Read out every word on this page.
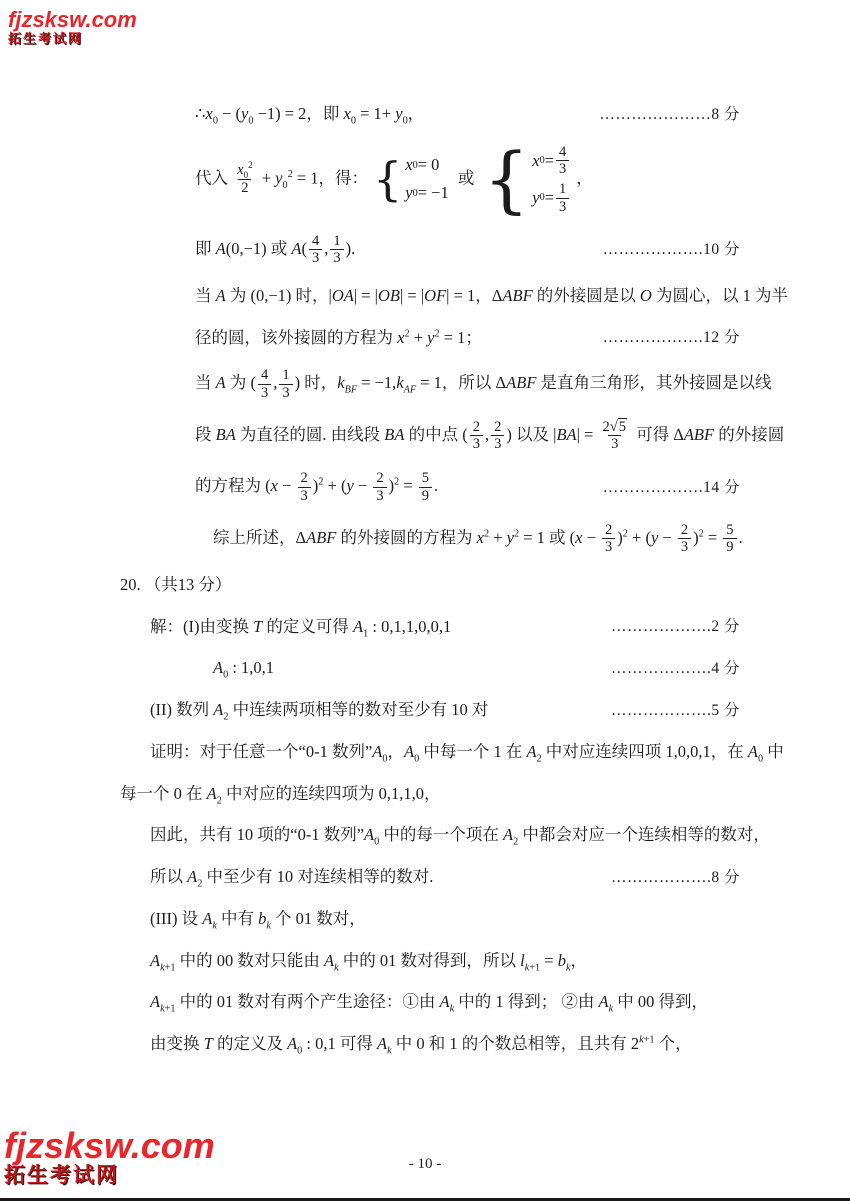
fjzsksw.com
拓生考试网
$\therefore x_0 - (y_0 -1) = 2$，即 $x_0 = 1+ y_0$，	…………………8 分
代入 $\frac{x_0^2}{2} + y_0^2 = 1$，得： { x 0 = 0
y 0 = −1
或 { x $0 = \frac{4}{3}$
y $0 = \frac{1}{3}$
，
即 A(0,−1) 或 $A( \frac{4}{3}$ , $\frac{1}{3}$ ).	……………….10 分
当 A 为 (0,−1) 时，|OA| = |OB| = |OF| = 1，ΔABF 的外接圆是以 O 为圆心，以 1 为半
径的圆，该外接圆的方程为 $x^2 + y^2 = 1$；	……………….12 分
当 A 为 ( $\frac{4}{3}$ , $\frac{1}{3}$ ) 时，$k_{BF} = -1,k_{AF} = 1$，所以 ΔABF 是直角三角形，其外接圆是以线
段 BA 为直径的圆. 由线段 BA 的中点 ( $\frac{2}{3}$ , $\frac{2}{3}$ ) 以及 $|BA| = \frac{2√5}{3}$ 可得 ΔABF 的外接圆
的方程为 $(x - \frac{2}{3} )^2 + (y - \frac{2}{3} )^2 = \frac{5}{9}$ .	……………….14 分
综上所述，ΔABF 的外接圆的方程为 $x^2 + y^2 = 1$ 或 $(x - \frac{2}{3} )^2 + (y - \frac{2}{3} )^2 = \frac{5}{9}$ .
20. （共13 分）
解：(I)由变换 T 的定义可得 $A_1$ : 0,1,1,0,0,1	……………….2 分
$A_0$ : 1,0,1	……………….4 分
(II) 数列 $A_2$ 中连续两项相等的数对至少有 10 对	……………….5 分
证明：对于任意一个“0-1 数列$”A_0$，$A_0$ 中每一个 1 在 $A_2$ 中对应连续四项 1,0,0,1，在 $A_0$ 中
每一个 0 在 $A_2$ 中对应的连续四项为 0,1,1,0，
因此，共有 10 项的“0-1 数列$”A_0$ 中的每一个项在 $A_2$ 中都会对应一个连续相等的数对，
所以 $A_2$ 中至少有 10 对连续相等的数对.	……………….8 分
(III) 设 $A_k$ 中有 $b_k$ 个 01 数对，
$A_{k+1}$ 中的 00 数对只能由 $A_k$ 中的 01 数对得到，所以 $l_{k+1} = b_k$，
$A_{k+1}$ 中的 01 数对有两个产生途径：①由 $A_k$ 中的 1 得到； ②由 $A_k$ 中 00 得到，
由变换 T 的定义及 $A_0$ : 0,1 可得 $A_k$ 中 0 和 1 的个数总相等，且共有 $2^{k+1}$ 个，
fjzsksw.com
拓生考试网	- 10 -
